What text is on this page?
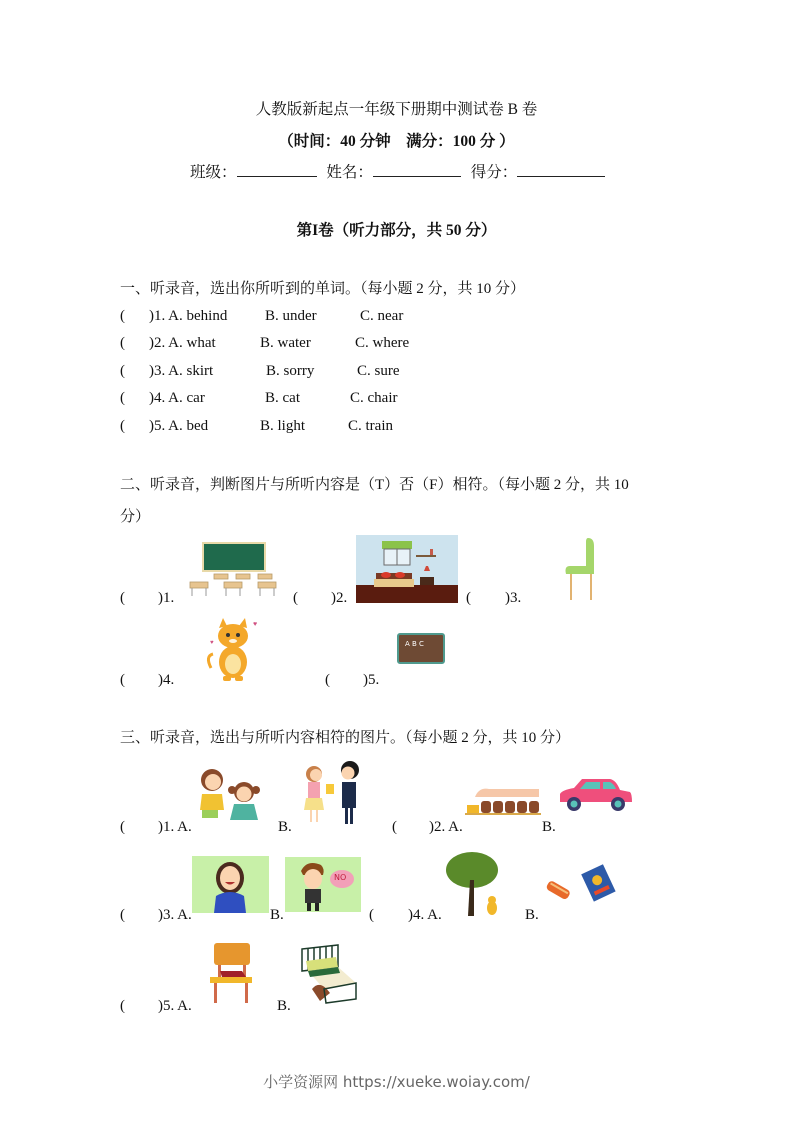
人教版新起点一年级下册期中测试卷 B 卷
（时间：40 分钟　满分：100 分 ）
班级：	姓名：	得分：
第I卷（听力部分，共 50 分）
一、听录音，选出你所听到的单词。（每小题 2 分，共 10 分）
( )1. A. behind	B. under	C. near
( )2. A. what	B. water	C. where
( )3. A. skirt	B. sorry	C. sure
( )4. A. car	B. cat	C. chair
( )5. A. bed	B. light	C. train
二、听录音，判断图片与所听内容是（T）否（F）相符。（每小题 2 分，共 10
分）
( )1.	( )2.	( )3.
( )4.
♥
♥
( )5.
A B C
三、听录音，选出与所听内容相符的图片。（每小题 2 分，共 10 分）
( )1. A.	B.	( )2. A.	B.
( )3. A.	B.
NO
( )4. A.	B.
( )5. A.	B.
小学资源网 https://xueke.woiay.com/
